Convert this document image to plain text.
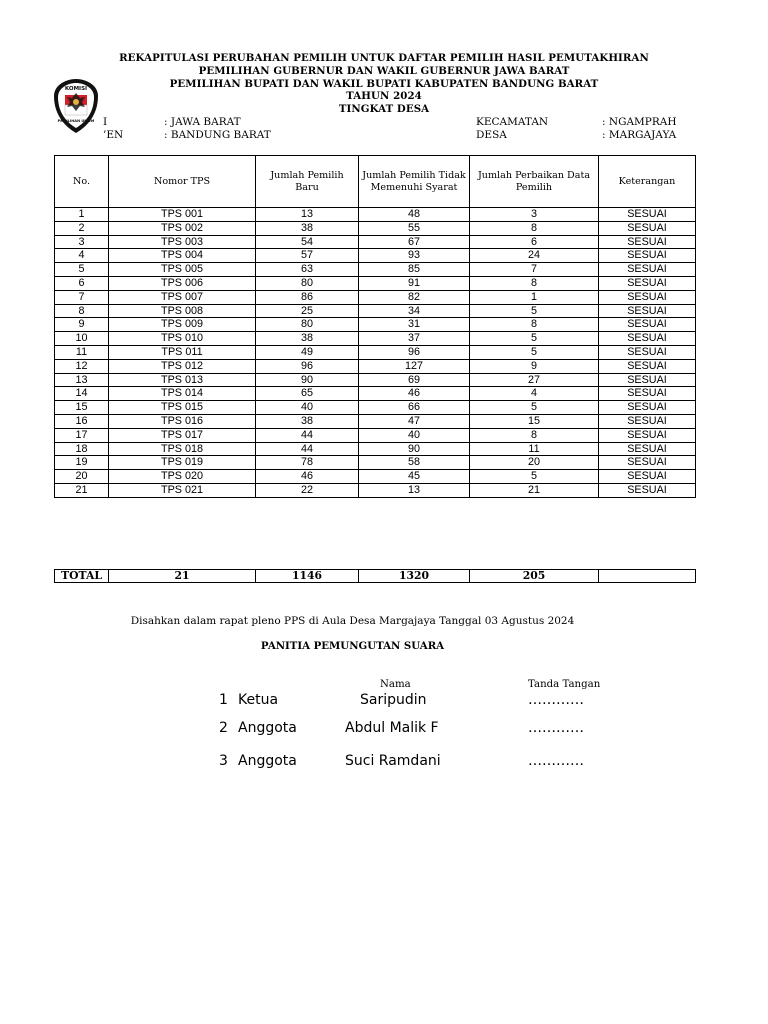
REKAPITULASI PERUBAHAN PEMILIH UNTUK DAFTAR PEMILIH HASIL PEMUTAKHIRAN
PEMILIHAN GUBERNUR DAN WAKIL GUBERNUR JAWA BARAT
PEMILIHAN BUPATI DAN WAKIL BUPATI KABUPATEN BANDUNG BARAT
TAHUN 2024
TINGKAT DESA
KOMISI
PEMILIHAN UMUM I	: JAWA BARAT
’EN	: BANDUNG BARAT
KECAMATAN	: NGAMPRAH
DESA	: MARGAJAYA
No.	Nomor TPS	Jumlah Pemilih Baru	Jumlah Pemilih Tidak Memenuhi Syarat	Jumlah Perbaikan Data Pemilih	Keterangan
1	TPS 001	13	48	3	SESUAI
2	TPS 002	38	55	8	SESUAI
3	TPS 003	54	67	6	SESUAI
4	TPS 004	57	93	24	SESUAI
5	TPS 005	63	85	7	SESUAI
6	TPS 006	80	91	8	SESUAI
7	TPS 007	86	82	1	SESUAI
8	TPS 008	25	34	5	SESUAI
9	TPS 009	80	31	8	SESUAI
10	TPS 010	38	37	5	SESUAI
11	TPS 011	49	96	5	SESUAI
12	TPS 012	96	127	9	SESUAI
13	TPS 013	90	69	27	SESUAI
14	TPS 014	65	46	4	SESUAI
15	TPS 015	40	66	5	SESUAI
16	TPS 016	38	47	15	SESUAI
17	TPS 017	44	40	8	SESUAI
18	TPS 018	44	90	11	SESUAI
19	TPS 019	78	58	20	SESUAI
20	TPS 020	46	45	5	SESUAI
21	TPS 021	22	13	21	SESUAI
TOTAL	21	1146	1320	205	
Disahkan dalam rapat pleno PPS di Aula Desa Margajaya Tanggal 03 Agustus 2024
PANITIA PEMUNGUTAN SUARA
Nama	Tanda Tangan
1 Ketua	Saripudin	…………
2 Anggota	Abdul Malik F	…………
3 Anggota	Suci Ramdani	…………
